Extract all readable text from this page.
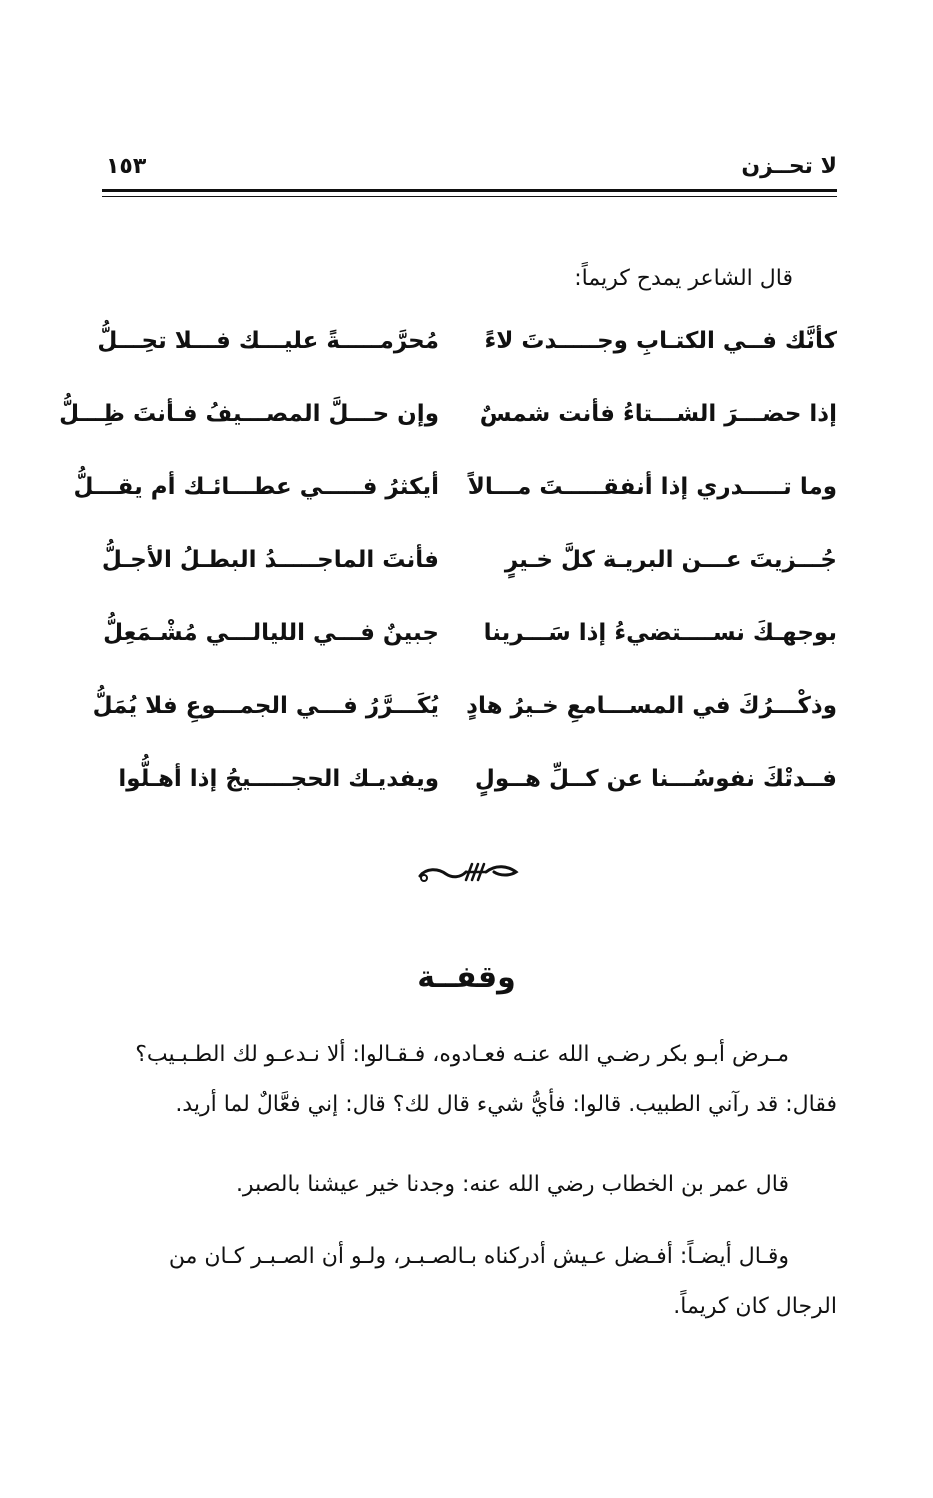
لا تحــزن
١٥٣
قال الشاعر يمدح كريماً:
كأنَّك فــي الكتـابِ وجـــــدتَ لاءً
مُحرَّمـــــةً عليـــك فـــلا تحِـــلُّ
إذا حضـــرَ الشـــتاءُ فأنت شمسٌ
وإن حـــلَّ المصـــيفُ فـأنتَ ظِـــلُّ
وما تـــــدري إذا أنفقـــــتَ مـــالاً
أيكثرُ فـــــي عطـــائـك أم يقـــلُّ
جُـــزيتَ عـــن البريـة كلَّ خـيرٍ
فأنتَ الماجـــــدُ البطـلُ الأجـلُّ
بوجهـكَ نســــتضيءُ إذا سَـــرينا
جبينٌ فـــي الليالـــي مُشْـمَعِلُّ
وذكْـــرُكَ في المســـامعِ خـيرُ هادٍ
يُكَـــرَّرُ فـــي الجمـــوعِ فلا يُمَلُّ
فــدتْكَ نفوسُـــنا عن كــلِّ هــولٍ
ويفديـك الحجـــــيجُ إذا أهـلُّوا
وقفــة
مـرض أبـو بكر رضـي الله عنـه فعـادوه، فـقـالوا: ألا نـدعـو لك الطـبـيب؟
فقال: قد رآني الطبيب. قالوا: فأيُّ شيء قال لك؟ قال: إني فعَّالٌ لما أريد.
قال عمر بن الخطاب رضي الله عنه: وجدنا خير عيشنا بالصبر.
وقـال أيضـاً: أفـضل عـيش أدركناه بـالصـبـر، ولـو أن الصـبـر كـان من
الرجال كان كريماً.
